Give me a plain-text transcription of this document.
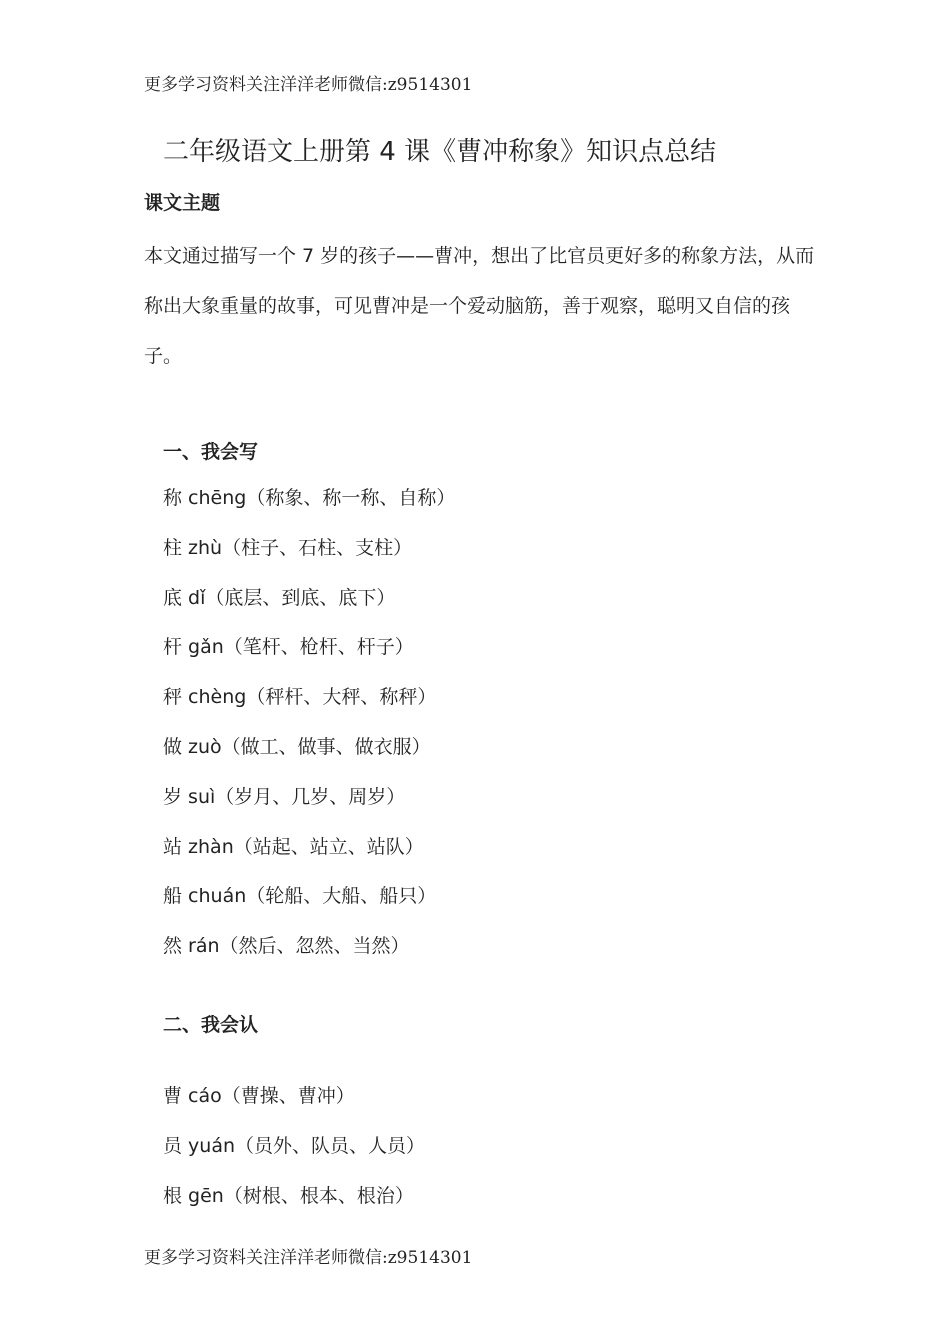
更多学习资料关注洋洋老师微信:z9514301
二年级语文上册第 4 课《曹冲称象》知识点总结
课文主题

本文通过描写一个 7 岁的孩子——曹冲，想出了比官员更好多的称象方法，从而称出大象重量的故事，可见曹冲是一个爱动脑筋，善于观察，聪明又自信的孩子。

一、我会写
称 chēng（称象、称一称、自称）
柱 zhù（柱子、石柱、支柱）
底 dǐ（底层、到底、底下）
杆 gǎn（笔杆、枪杆、杆子）
秤 chèng（秤杆、大秤、称秤）
做 zuò（做工、做事、做衣服）
岁 suì（岁月、几岁、周岁）
站 zhàn（站起、站立、站队）
船 chuán（轮船、大船、船只）
然 rán（然后、忽然、当然）
二、我会认
曹 cáo（曹操、曹冲）
员 yuán（员外、队员、人员）
根 gēn（树根、根本、根治）
更多学习资料关注洋洋老师微信:z9514301
